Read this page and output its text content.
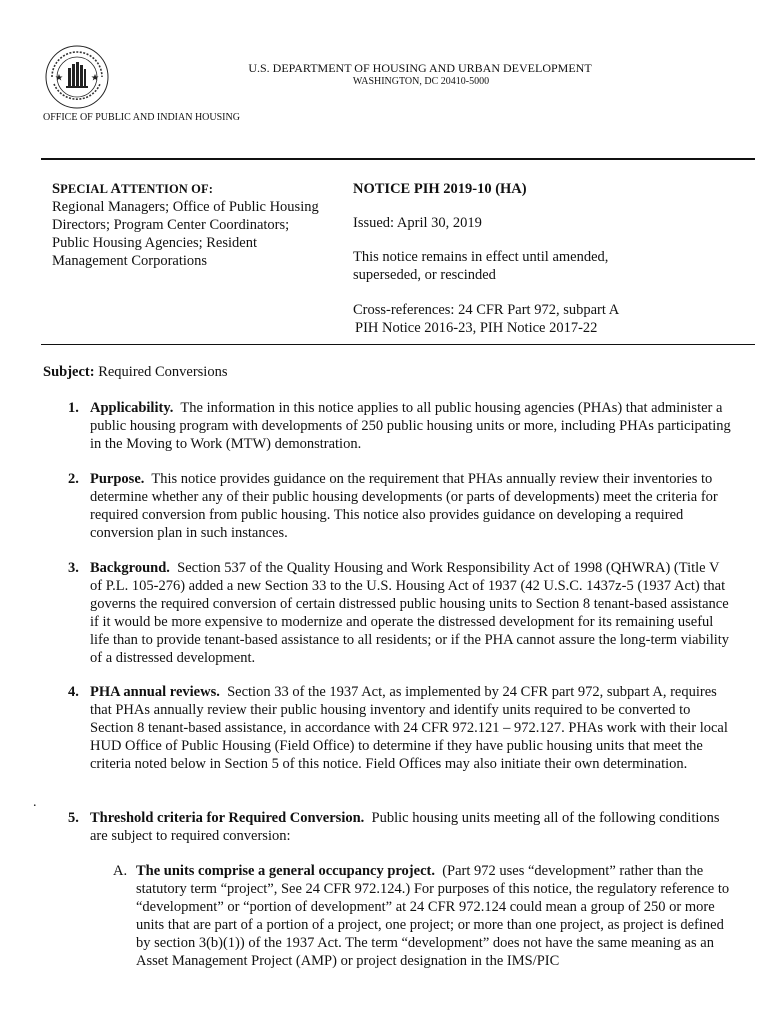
U.S. DEPARTMENT OF HOUSING AND URBAN DEVELOPMENT
WASHINGTON, DC 20410-5000
OFFICE OF PUBLIC AND INDIAN HOUSING
SPECIAL ATTENTION OF:
Regional Managers; Office of Public Housing
Directors; Program Center Coordinators;
Public Housing Agencies; Resident
Management Corporations
NOTICE PIH 2019-10 (HA)
Issued: April 30, 2019
This notice remains in effect until amended, superseded, or rescinded
Cross-references: 24 CFR Part 972, subpart A
PIH Notice 2016-23, PIH Notice 2017-22
Subject: Required Conversions
1. Applicability. The information in this notice applies to all public housing agencies (PHAs) that administer a public housing program with developments of 250 public housing units or more, including PHAs participating in the Moving to Work (MTW) demonstration.
2. Purpose. This notice provides guidance on the requirement that PHAs annually review their inventories to determine whether any of their public housing developments (or parts of developments) meet the criteria for required conversion from public housing. This notice also provides guidance on developing a required conversion plan in such instances.
3. Background. Section 537 of the Quality Housing and Work Responsibility Act of 1998 (QHWRA) (Title V of P.L. 105-276) added a new Section 33 to the U.S. Housing Act of 1937 (42 U.S.C. 1437z-5 (1937 Act) that governs the required conversion of certain distressed public housing units to Section 8 tenant-based assistance if it would be more expensive to modernize and operate the distressed development for its remaining useful life than to provide tenant-based assistance to all residents; or if the PHA cannot assure the long-term viability of a distressed development.
4. PHA annual reviews. Section 33 of the 1937 Act, as implemented by 24 CFR part 972, subpart A, requires that PHAs annually review their public housing inventory and identify units required to be converted to Section 8 tenant-based assistance, in accordance with 24 CFR 972.121 – 972.127. PHAs work with their local HUD Office of Public Housing (Field Office) to determine if they have public housing units that meet the criteria noted below in Section 5 of this notice. Field Offices may also initiate their own determination.
.
5. Threshold criteria for Required Conversion. Public housing units meeting all of the following conditions are subject to required conversion:
A. The units comprise a general occupancy project. (Part 972 uses “development” rather than the statutory term “project”, See 24 CFR 972.124.) For purposes of this notice, the regulatory reference to “development” or “portion of development” at 24 CFR 972.124 could mean a group of 250 or more units that are part of a portion of a project, one project; or more than one project, as project is defined by section 3(b)(1)) of the 1937 Act. The term “development” does not have the same meaning as an Asset Management Project (AMP) or project designation in the IMS/PIC
